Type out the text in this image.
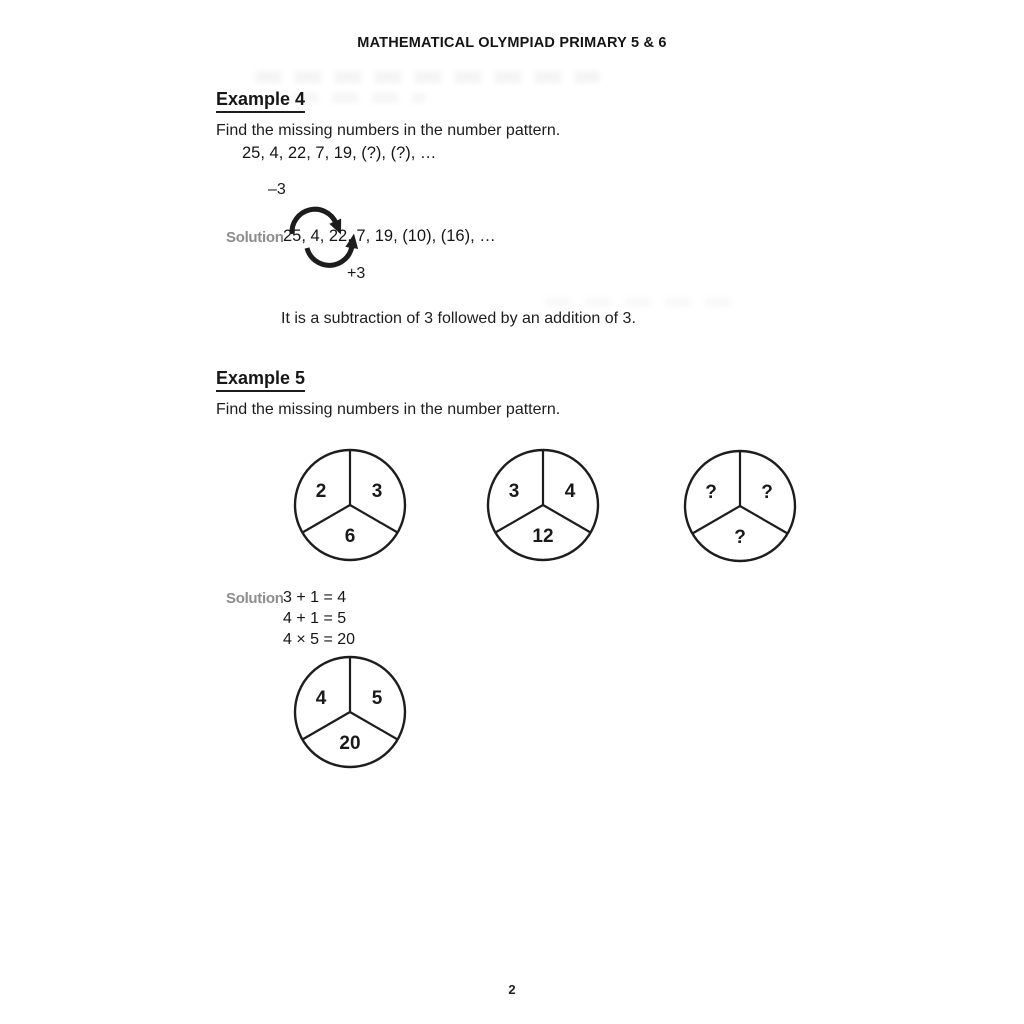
MATHEMATICAL OLYMPIAD PRIMARY 5 & 6
Example 4
Find the missing numbers in the number pattern.
25, 4, 22, 7, 19, (?), (?), …
–3
Solution 25, 4, 22, 7, 19, (10), (16), …
+3
It is a subtraction of 3 followed by an addition of 3.
Example 5
Find the missing numbers in the number pattern.
2 3
6
3 4
12
? ?
?
Solution 3 + 1 = 4
4 + 1 = 5
4 × 5 = 20
4 5
20
2
